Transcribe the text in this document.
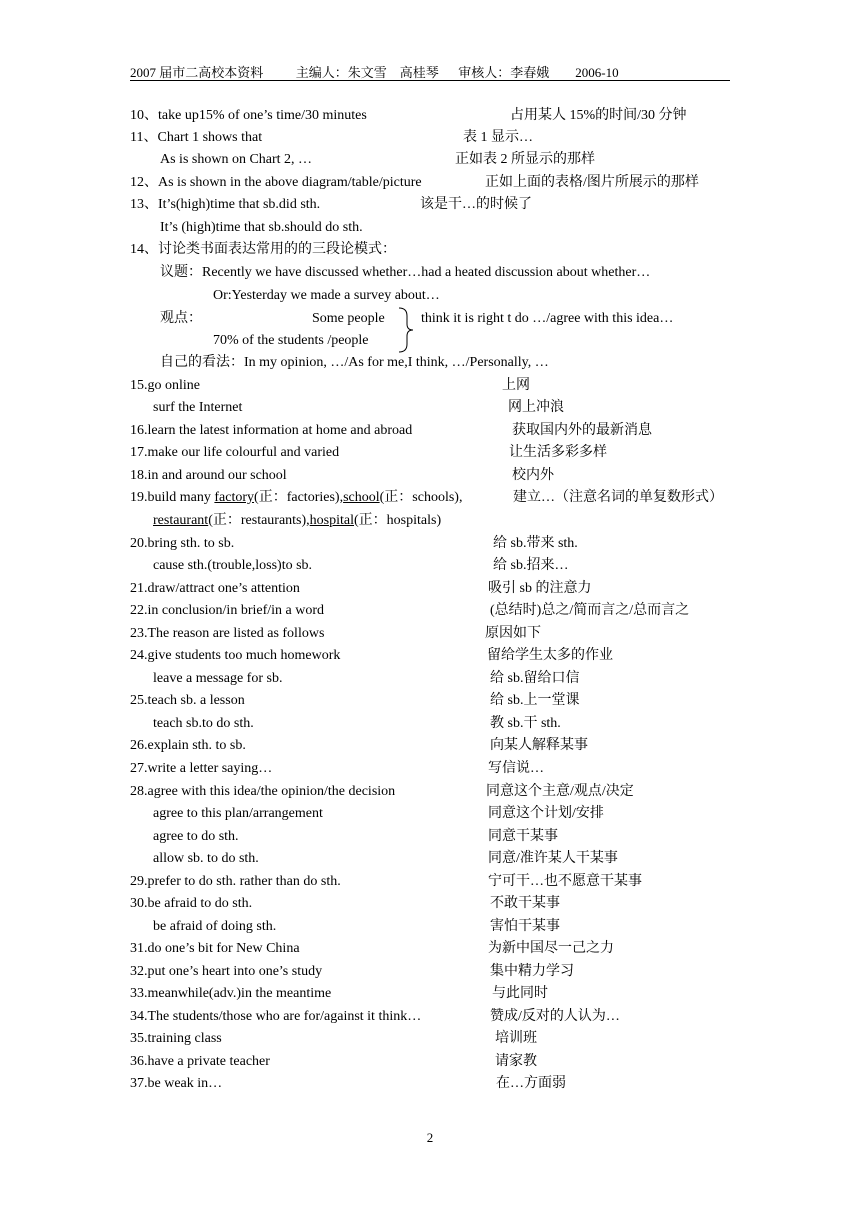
2007 届市二高校本资料          主编人：朱文雪    高桂琴      审核人：李春娥        2006-10

10、take up15% of one’s time/30 minutes

	占用某人 15%的时间/30 分钟

11、Chart 1 shows that

	表 1 显示…

As is shown on Chart 2, …

	正如表 2 所显示的那样

12、As is shown in the above diagram/table/picture

	正如上面的表格/图片所展示的那样

13、It’s(high)time that sb.did sth.

	该是干…的时候了

It’s (high)time that sb.should do sth.

14、讨论类书面表达常用的的三段论模式：

议题：Recently we have discussed whether…had a heated discussion about whether…

Or:Yesterday we made a survey about…

观点：

	Some people

	think it is right t do …/agree with this idea…

70% of the students /people

自己的看法：In my opinion, …/As for me,I think, …/Personally, …

15.go online

	上网

surf the Internet

	网上冲浪

16.learn the latest information at home and abroad

	获取国内外的最新消息

17.make our life colourful and varied

	让生活多彩多样

18.in and around our school

	校内外

19.build many factory(正：factories),school(正：schools),

	建立…（注意名词的单复数形式）

restaurant(正：restaurants),hospital(正：hospitals)

20.bring sth. to sb.

	给 sb.带来 sth.

cause sth.(trouble,loss)to sb.

	给 sb.招来…

21.draw/attract one’s attention

	吸引 sb 的注意力

22.in conclusion/in brief/in a word

	(总结时)总之/简而言之/总而言之

23.The reason are listed as follows

	原因如下

24.give students too much homework

	留给学生太多的作业

leave a message for sb.

	给 sb.留给口信

25.teach sb. a lesson

	给 sb.上一堂课

teach sb.to do sth.

	教 sb.干 sth.

26.explain sth. to sb.

	向某人解释某事

27.write a letter saying…

	写信说…

28.agree with this idea/the opinion/the decision

	同意这个主意/观点/决定

agree to this plan/arrangement

	同意这个计划/安排

agree to do sth.

	同意干某事

allow sb. to do sth.

	同意/准许某人干某事

29.prefer to do sth. rather than do sth.

	宁可干…也不愿意干某事

30.be afraid to do sth.

	不敢干某事

be afraid of doing sth.

	害怕干某事

31.do one’s bit for New China

	为新中国尽一己之力

32.put one’s heart into one’s study

	集中精力学习

33.meanwhile(adv.)in the meantime

	与此同时

34.The students/those who are for/against it think…

	赞成/反对的人认为…

35.training class

	培训班

36.have a private teacher

	请家教

37.be weak in…

	在…方面弱

2
